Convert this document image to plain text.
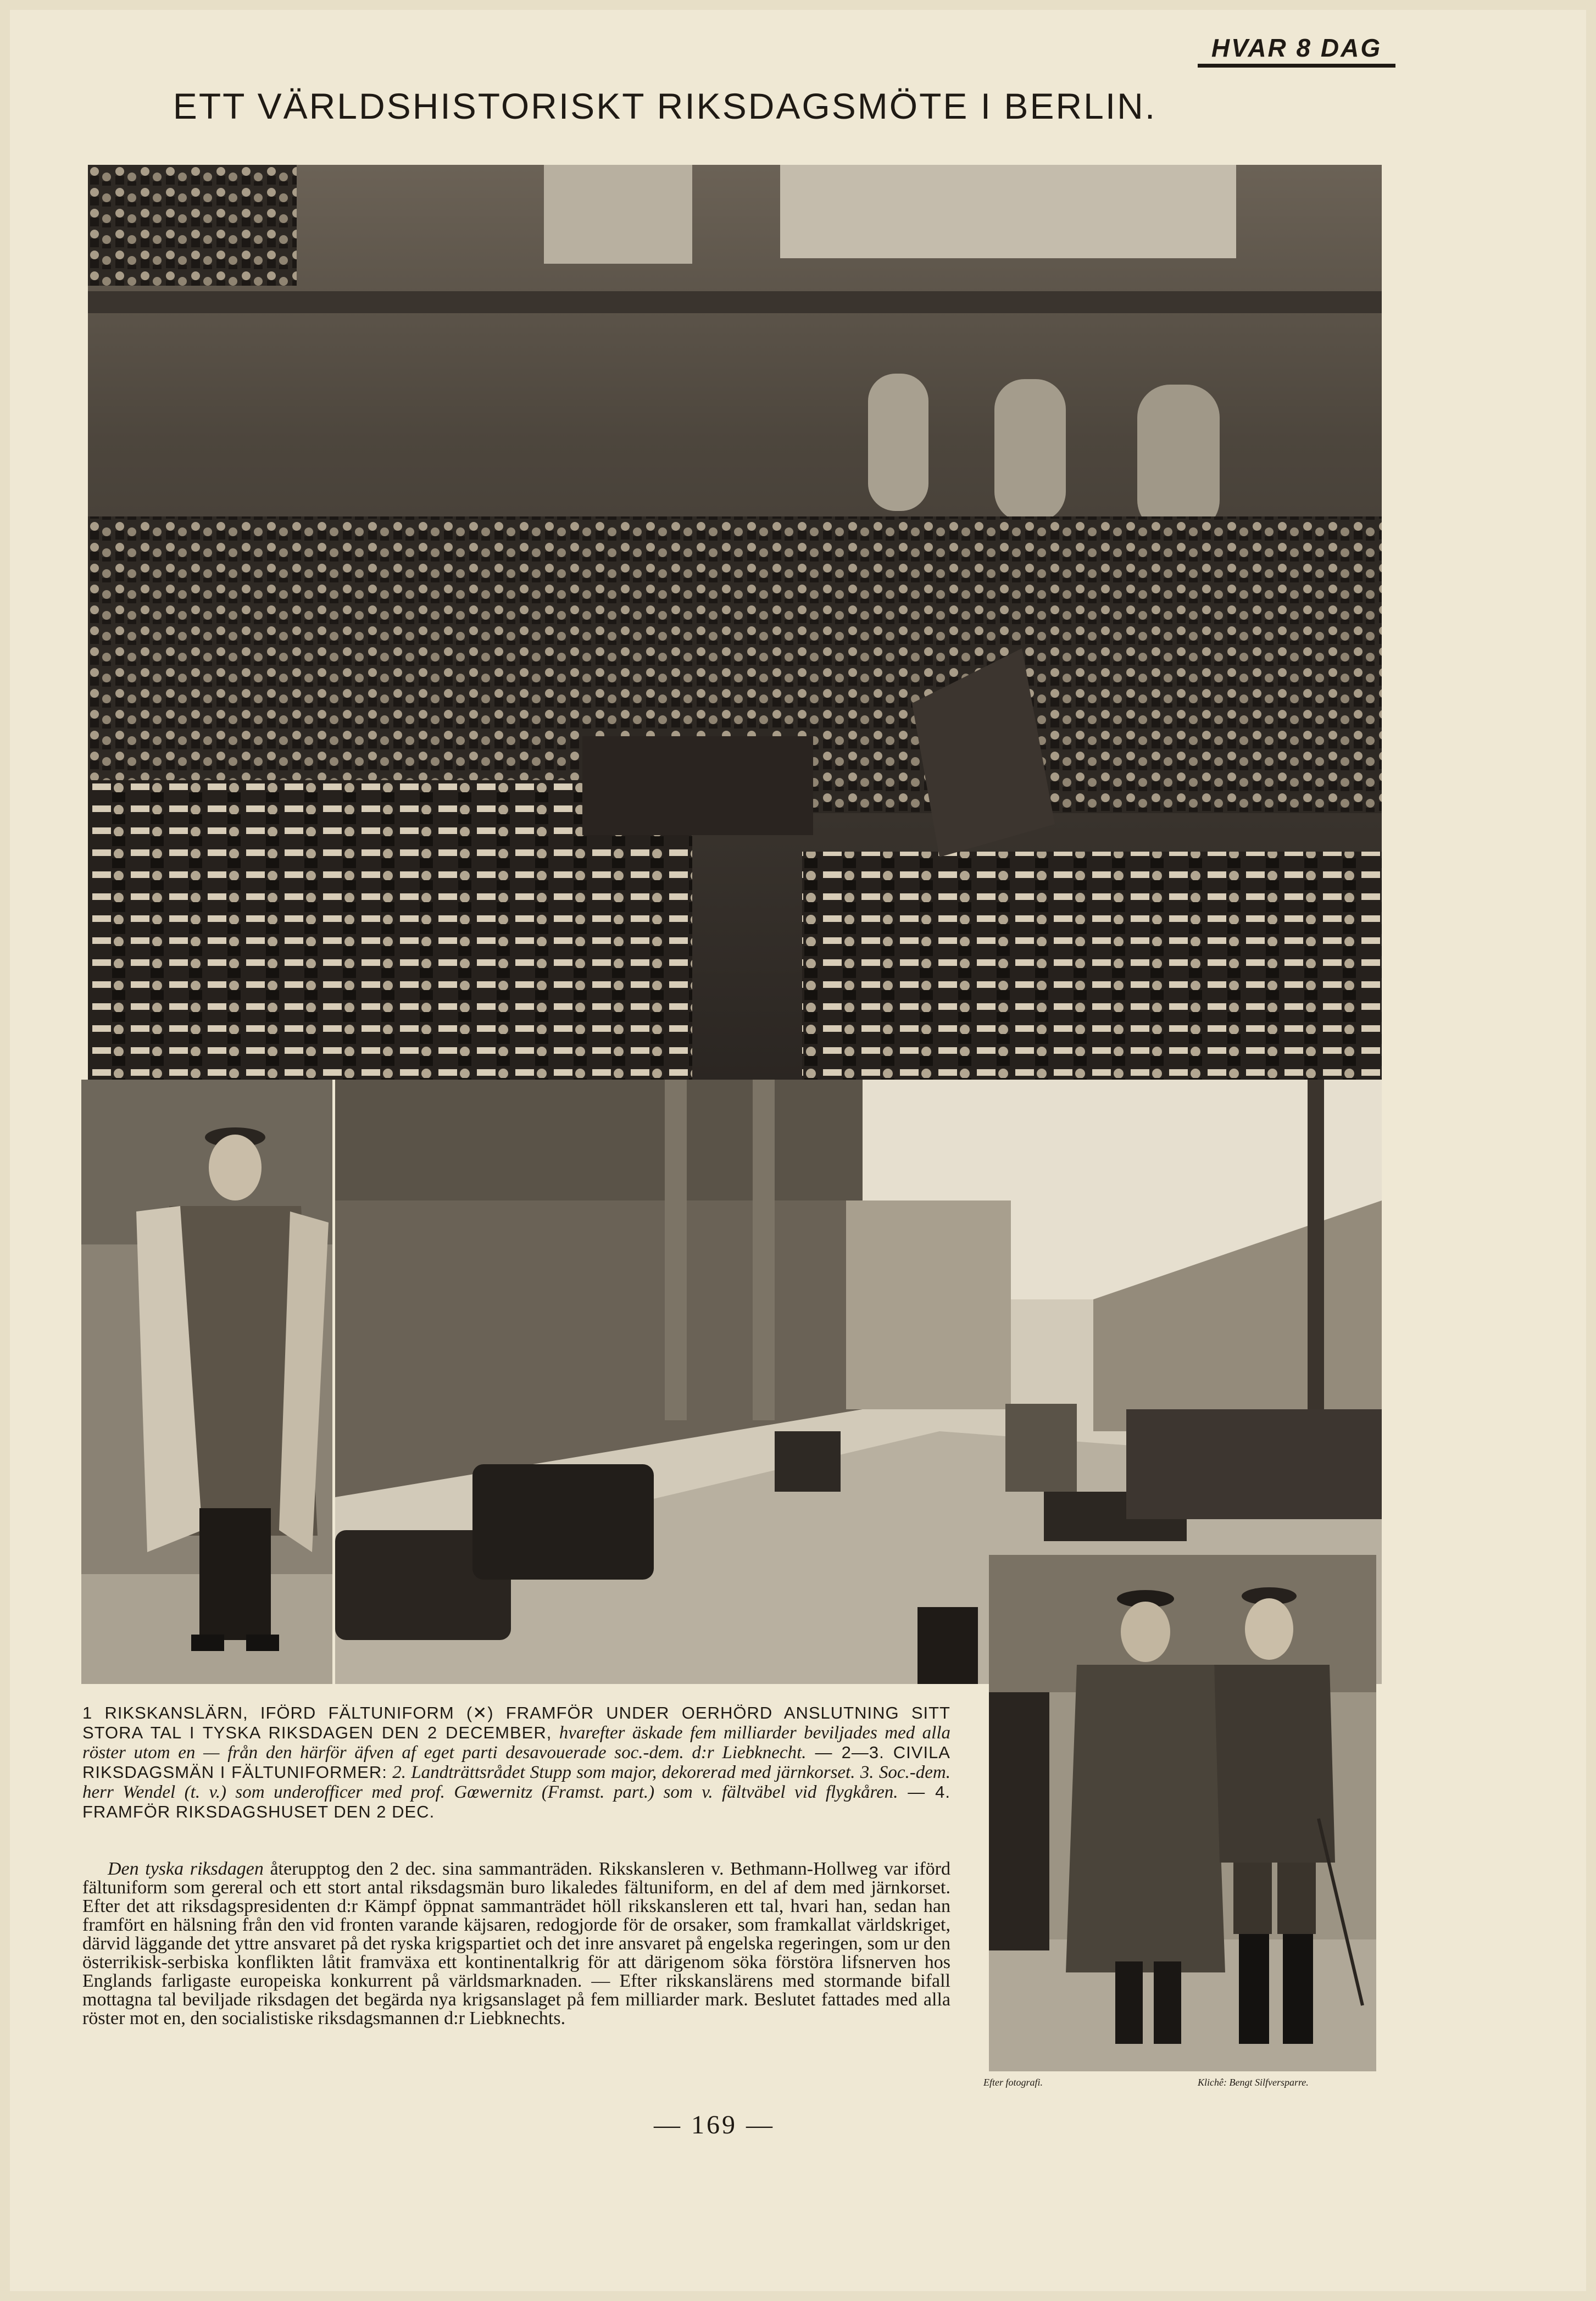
HVAR 8 DAG
ETT VÄRLDSHISTORISKT RIKSDAGSMÖTE I BERLIN.
1 RIKSKANSLÄRN, IFÖRD FÄLTUNIFORM (✕) FRAMFÖR UNDER OERHÖRD ANSLUTNING SITT STORA TAL I TYSKA RIKSDAGEN DEN 2 DECEMBER, hvarefter äskade fem milliarder beviljades med alla röster utom en — från den härför äfven af eget parti desavouerade soc.-dem. d:r Liebknecht. — 2—3. CIVILA RIKSDAGSMÄN I FÄLTUNIFORMER: 2. Landträttsrådet Stupp som major, dekorerad med järnkorset. 3. Soc.-dem. herr Wendel (t. v.) som underofficer med prof. Gœwernitz (Framst. part.) som v. fältväbel vid flygkåren. — 4. FRAMFÖR RIKSDAGSHUSET DEN 2 DEC.
Den tyska riksdagen återupptog den 2 dec. sina sammanträden. Rikskansleren v. Bethmann-Hollweg var iförd fältuniform som gereral och ett stort antal riksdagsmän buro likaledes fältuniform, en del af dem med järnkorset. Efter det att riksdagspresidenten d:r Kämpf öppnat sammanträdet höll rikskansleren ett tal, hvari han, sedan han framfört en hälsning från den vid fronten varande käjsaren, redogjorde för de orsaker, som framkallat världskriget, därvid läggande det yttre ansvaret på det ryska krigspartiet och det inre ansvaret på engelska regeringen, som ur den österrikisk-serbiska konflikten låtit framväxa ett kontinentalkrig för att därigenom söka förstöra lifsnerven hos Englands farligaste europeiska konkurrent på världsmarknaden. — Efter rikskanslärens med stormande bifall mottagna tal beviljade riksdagen det begärda nya krigsanslaget på fem milliarder mark. Beslutet fattades med alla röster mot en, den socialistiske riksdagsmannen d:r Liebknechts.
Efter fotografi.	Klichê: Bengt Silfversparre.
— 169 —
